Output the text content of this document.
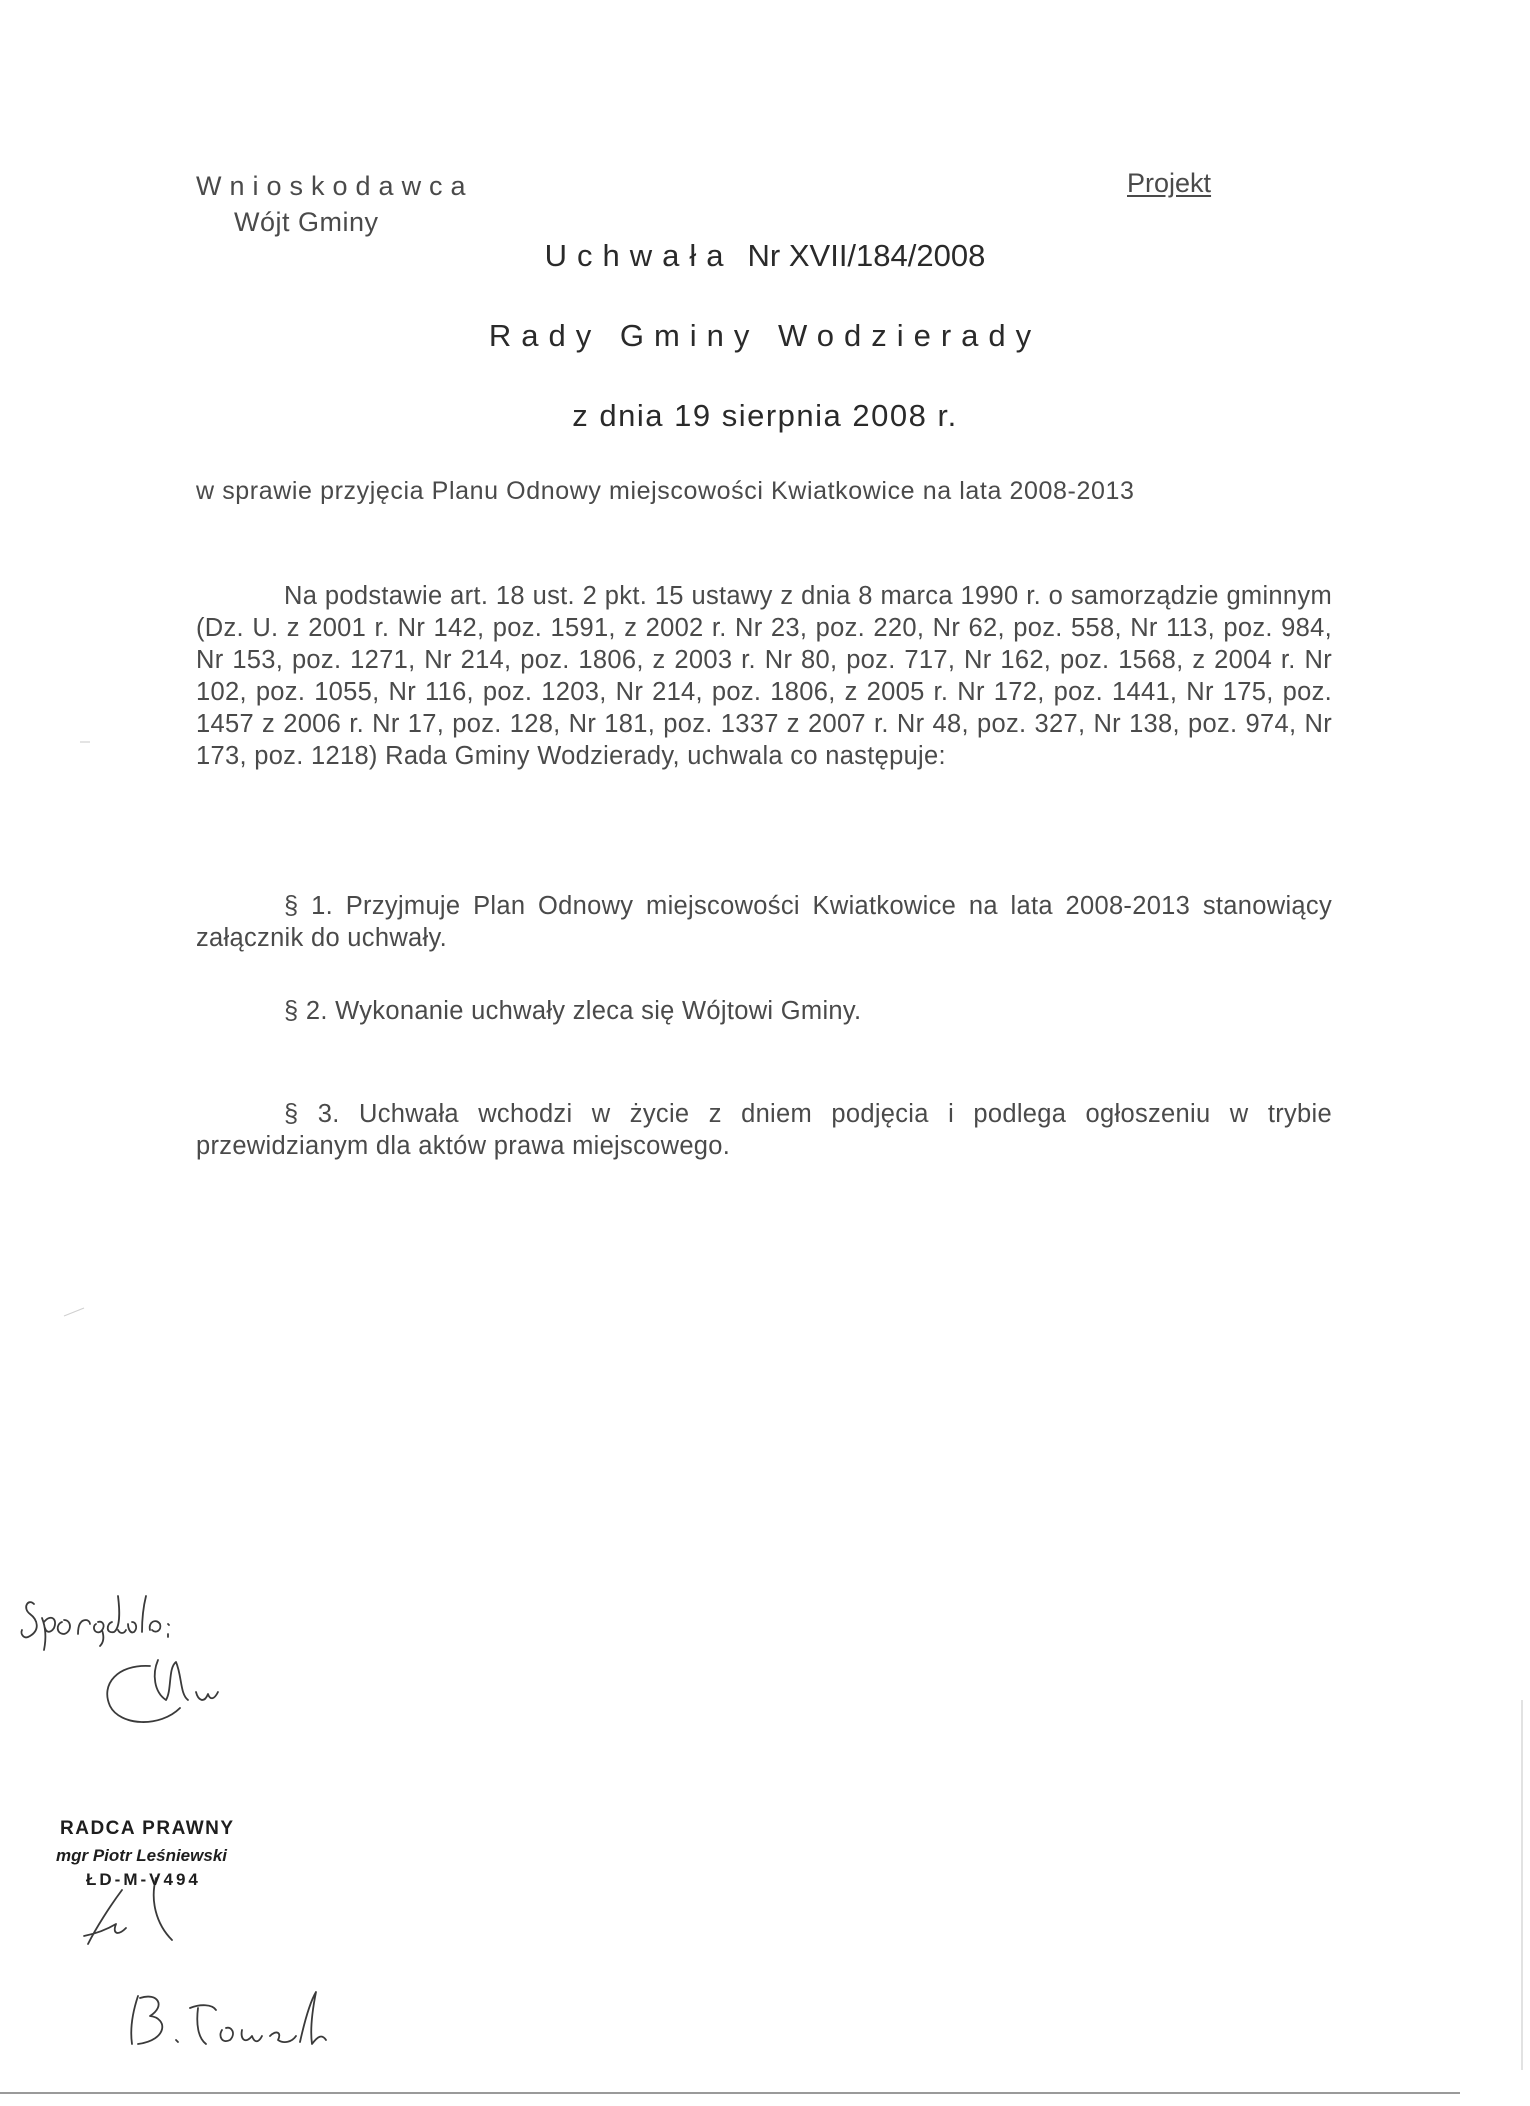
Wnioskodawca
Wójt Gminy
Projekt
Uchwała Nr XVII/184/2008
Rady Gminy Wodzierady
z dnia 19 sierpnia 2008 r.
w sprawie przyjęcia Planu Odnowy miejscowości Kwiatkowice na lata 2008-2013
Na podstawie art. 18 ust. 2 pkt. 15 ustawy z dnia 8 marca 1990 r. o samorządzie gminnym (Dz. U. z 2001 r. Nr 142, poz. 1591, z 2002 r. Nr 23, poz. 220, Nr 62, poz. 558, Nr 113, poz. 984, Nr 153, poz. 1271, Nr 214, poz. 1806, z 2003 r. Nr 80, poz. 717, Nr 162, poz. 1568, z 2004 r. Nr 102, poz. 1055, Nr 116, poz. 1203, Nr 214, poz. 1806, z 2005 r. Nr 172, poz. 1441, Nr 175, poz. 1457 z 2006 r. Nr 17, poz. 128, Nr 181, poz. 1337 z 2007 r. Nr 48, poz. 327, Nr 138, poz. 974, Nr 173, poz. 1218) Rada Gminy Wodzierady, uchwala co następuje:
§ 1. Przyjmuje Plan Odnowy miejscowości Kwiatkowice na lata 2008-2013 stanowiący załącznik do uchwały.
§ 2. Wykonanie uchwały zleca się Wójtowi Gminy.
§ 3. Uchwała wchodzi w życie z dniem podjęcia i podlega ogłoszeniu w trybie przewidzianym dla aktów prawa miejscowego.
RADCA PRAWNY
mgr Piotr Leśniewski
ŁD-M-V494
